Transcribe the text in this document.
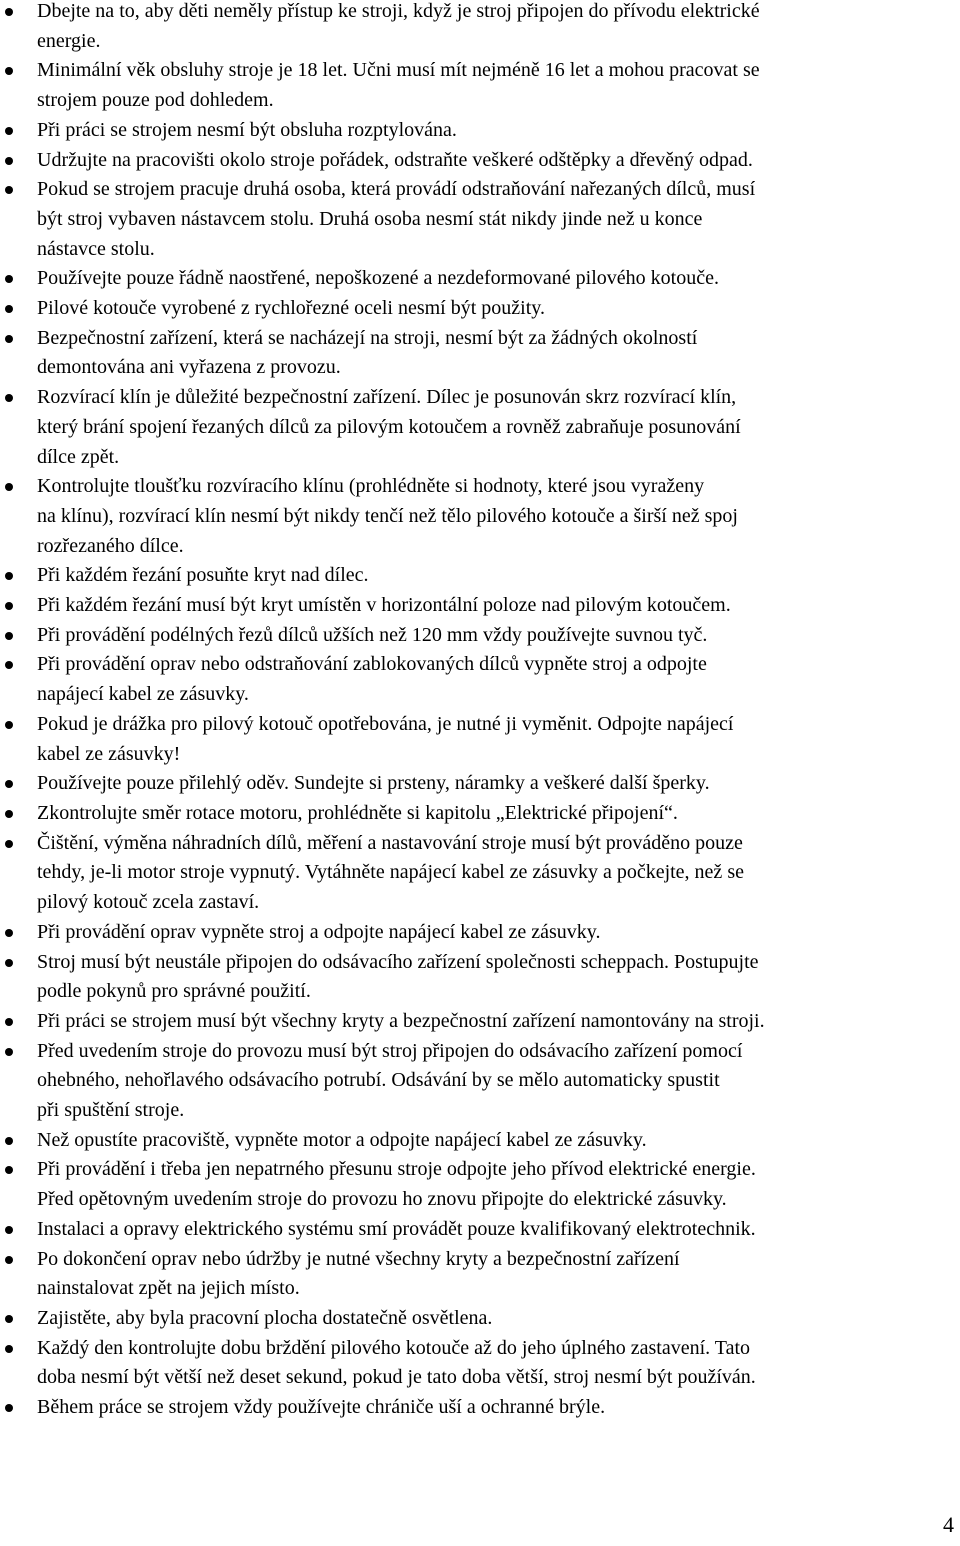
Dbejte na to, aby děti neměly přístup ke stroji, když je stroj připojen do přívodu elektrické
energie.
Minimální věk obsluhy stroje je 18 let. Učni musí mít nejméně 16 let a mohou pracovat se
strojem pouze pod dohledem.
Při práci se strojem nesmí být obsluha rozptylována.
Udržujte na pracovišti okolo stroje pořádek, odstraňte veškeré odštěpky a dřevěný odpad.
Pokud se strojem pracuje druhá osoba, která provádí odstraňování nařezaných dílců, musí
být stroj vybaven nástavcem stolu. Druhá osoba nesmí stát nikdy jinde než u konce
nástavce stolu.
Používejte pouze řádně naostřené, nepoškozené a nezdeformované pilového kotouče.
Pilové kotouče vyrobené z rychlořezné oceli nesmí být použity.
Bezpečnostní zařízení, která se nacházejí na stroji, nesmí být za žádných okolností
demontována ani vyřazena z provozu.
Rozvírací klín je důležité bezpečnostní zařízení. Dílec je posunován skrz rozvírací klín,
který brání spojení řezaných dílců za pilovým kotoučem a rovněž zabraňuje posunování
dílce zpět.
Kontrolujte tloušťku rozvíracího klínu (prohlédněte si hodnoty, které jsou vyraženy
na klínu), rozvírací klín nesmí být nikdy tenčí než tělo pilového kotouče a širší než spoj
rozřezaného dílce.
Při každém řezání posuňte kryt nad dílec.
Při každém řezání musí být kryt umístěn v horizontální poloze nad pilovým kotoučem.
Při provádění podélných řezů dílců užších než 120 mm vždy používejte suvnou tyč.
Při provádění oprav nebo odstraňování zablokovaných dílců vypněte stroj a odpojte
napájecí kabel ze zásuvky.
Pokud je drážka pro pilový kotouč opotřebována, je nutné ji vyměnit. Odpojte napájecí
kabel ze zásuvky!
Používejte pouze přilehlý oděv. Sundejte si prsteny, náramky a veškeré další šperky.
Zkontrolujte směr rotace motoru, prohlédněte si kapitolu „Elektrické připojení“.
Čištění, výměna náhradních dílů, měření a nastavování stroje musí být prováděno pouze
tehdy, je-li motor stroje vypnutý. Vytáhněte napájecí kabel ze zásuvky a počkejte, než se
pilový kotouč zcela zastaví.
Při provádění oprav vypněte stroj a odpojte napájecí kabel ze zásuvky.
Stroj musí být neustále připojen do odsávacího zařízení společnosti scheppach. Postupujte
podle pokynů pro správné použití.
Při práci se strojem musí být všechny kryty a bezpečnostní zařízení namontovány na stroji.
Před uvedením stroje do provozu musí být stroj připojen do odsávacího zařízení pomocí
ohebného, nehořlavého odsávacího potrubí. Odsávání by se mělo automaticky spustit
při spuštění stroje.
Než opustíte pracoviště, vypněte motor a odpojte napájecí kabel ze zásuvky.
Při provádění i třeba jen nepatrného přesunu stroje odpojte jeho přívod elektrické energie.
Před opětovným uvedením stroje do provozu ho znovu připojte do elektrické zásuvky.
Instalaci a opravy elektrického systému smí provádět pouze kvalifikovaný elektrotechnik.
Po dokončení oprav nebo údržby je nutné všechny kryty a bezpečnostní zařízení
nainstalovat zpět na jejich místo.
Zajistěte, aby byla pracovní plocha dostatečně osvětlena.
Každý den kontrolujte dobu brždění pilového kotouče až do jeho úplného zastavení. Tato
doba nesmí být větší než deset sekund, pokud je tato doba větší, stroj nesmí být používán.
Během práce se strojem vždy používejte chrániče uší a ochranné brýle.
4
